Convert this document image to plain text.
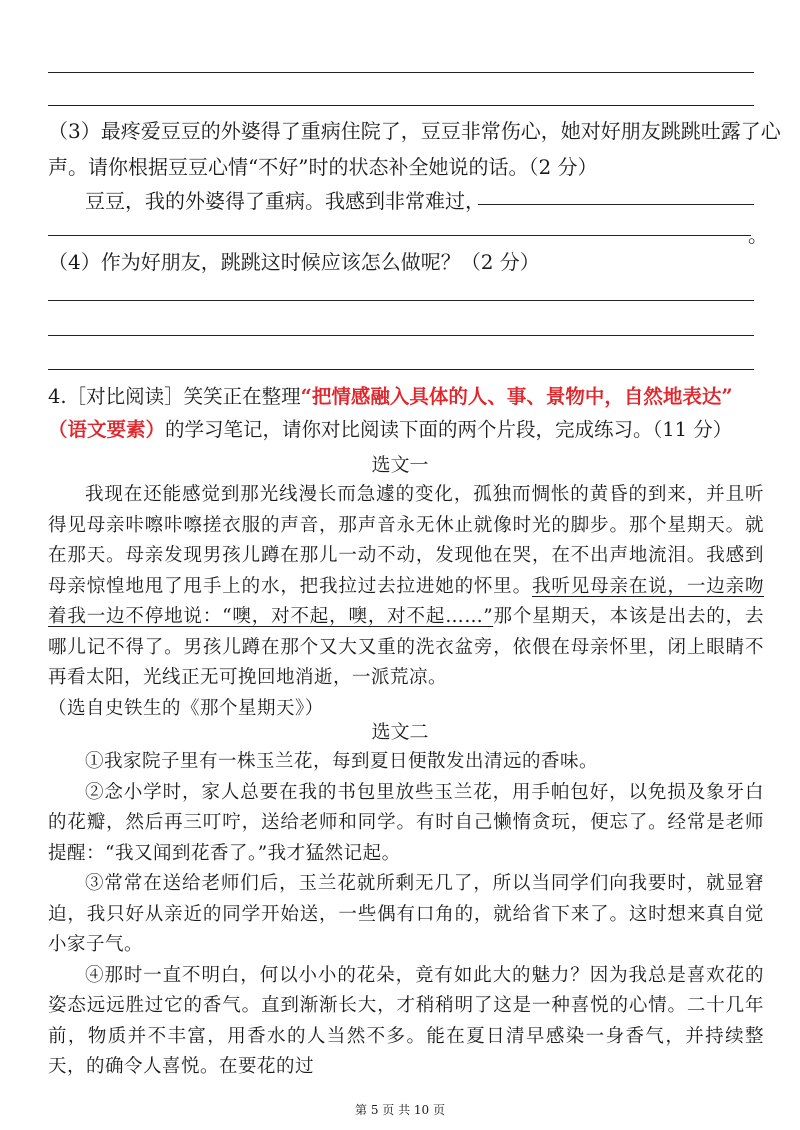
（3）最疼爱豆豆的外婆得了重病住院了，豆豆非常伤心，她对好朋友跳跳吐露了心
声。请你根据豆豆心情“不好”时的状态补全她说的话。（2 分）
豆豆，我的外婆得了重病。我感到非常难过，
。
（4）作为好朋友，跳跳这时候应该怎么做呢？（2 分）
4.［对比阅读］笑笑正在整理“把情感融入具体的人、事、景物中，自然地表达”
（语文要素）的学习笔记，请你对比阅读下面的两个片段，完成练习。（11 分）
选文一

我现在还能感觉到那光线漫长而急遽的变化，孤独而惆怅的黄昏的到来，并且听得见母亲咔嚓咔嚓搓衣服的声音，那声音永无休止就像时光的脚步。那个星期天。就在那天。母亲发现男孩儿蹲在那儿一动不动，发现他在哭，在不出声地流泪。我感到母亲惊惶地甩了甩手上的水，把我拉过去拉进她的怀里。我听见母亲在说，一边亲吻着我一边不停地说：“噢，对不起，噢，对不起……”那个星期天，本该是出去的，去哪儿记不得了。男孩儿蹲在那个又大又重的洗衣盆旁，依偎在母亲怀里，闭上眼睛不再看太阳，光线正无可挽回地消逝，一派荒凉。

（选自史铁生的《那个星期天》）

选文二

①我家院子里有一株玉兰花，每到夏日便散发出清远的香味。

②念小学时，家人总要在我的书包里放些玉兰花，用手帕包好，以免损及象牙白的花瓣，然后再三叮咛，送给老师和同学。有时自己懒惰贪玩，便忘了。经常是老师提醒：“我又闻到花香了。”我才猛然记起。

③常常在送给老师们后，玉兰花就所剩无几了，所以当同学们向我要时，就显窘迫，我只好从亲近的同学开始送，一些偶有口角的，就给省下来了。这时想来真自觉小家子气。

④那时一直不明白，何以小小的花朵，竟有如此大的魅力？因为我总是喜欢花的姿态远远胜过它的香气。直到渐渐长大，才稍稍明了这是一种喜悦的心情。二十几年前，物质并不丰富，用香水的人当然不多。能在夏日清早感染一身香气，并持续整天，的确令人喜悦。在要花的过

第 5 页 共 10 页
